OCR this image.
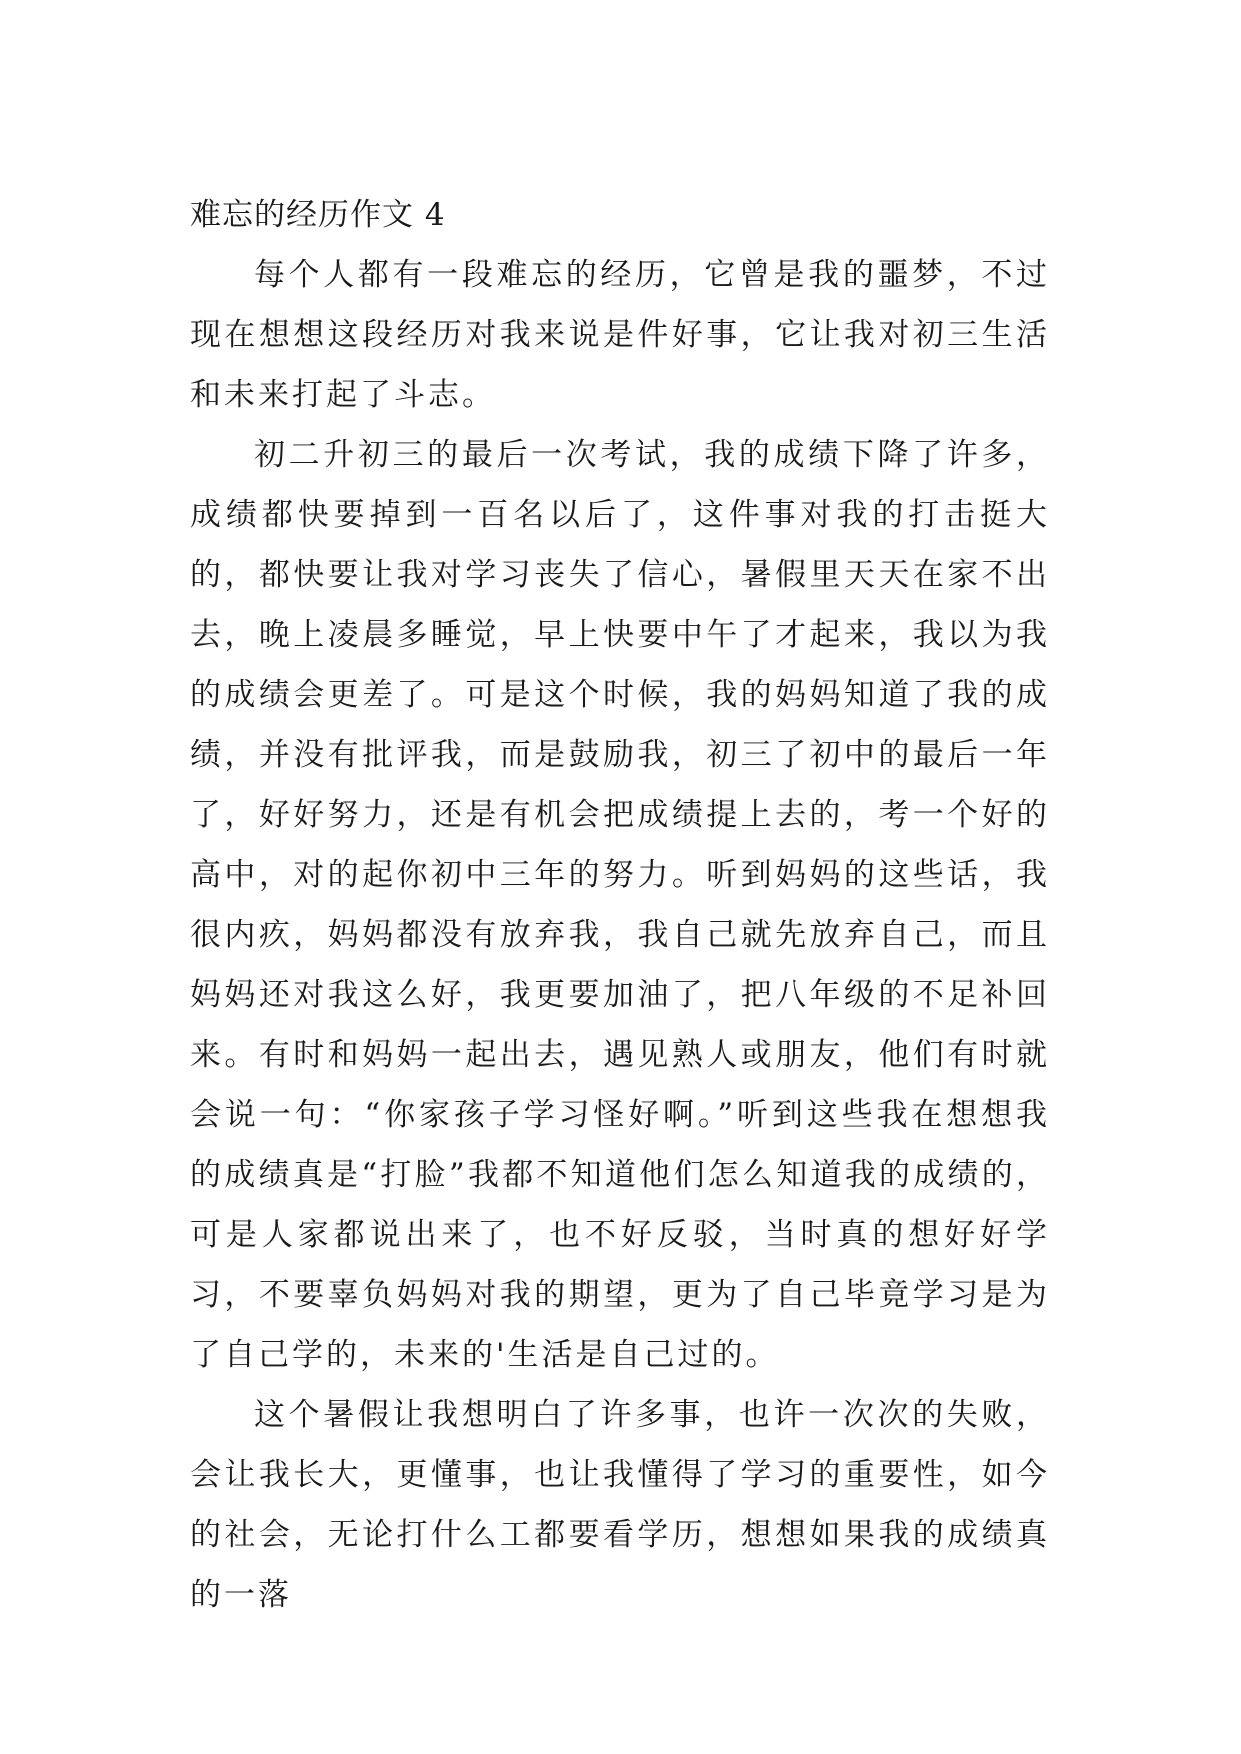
难忘的经历作文 4

每个人都有一段难忘的经历，它曾是我的噩梦，不过现在想想这段经历对我来说是件好事，它让我对初三生活和未来打起了斗志。

初二升初三的最后一次考试，我的成绩下降了许多，成绩都快要掉到一百名以后了，这件事对我的打击挺大的，都快要让我对学习丧失了信心，暑假里天天在家不出去，晚上凌晨多睡觉，早上快要中午了才起来，我以为我的成绩会更差了。可是这个时候，我的妈妈知道了我的成绩，并没有批评我，而是鼓励我，初三了初中的最后一年了，好好努力，还是有机会把成绩提上去的，考一个好的高中，对的起你初中三年的努力。听到妈妈的这些话，我很内疚，妈妈都没有放弃我，我自己就先放弃自己，而且妈妈还对我这么好，我更要加油了，把八年级的不足补回来。有时和妈妈一起出去，遇见熟人或朋友，他们有时就会说一句：“你家孩子学习怪好啊。”听到这些我在想想我的成绩真是“打脸”我都不知道他们怎么知道我的成绩的，可是人家都说出来了，也不好反驳，当时真的想好好学习，不要辜负妈妈对我的期望，更为了自己毕竟学习是为了自己学的，未来的'生活是自己过的。

这个暑假让我想明白了许多事，也许一次次的失败，会让我长大，更懂事，也让我懂得了学习的重要性，如今的社会，无论打什么工都要看学历，想想如果我的成绩真的一落
